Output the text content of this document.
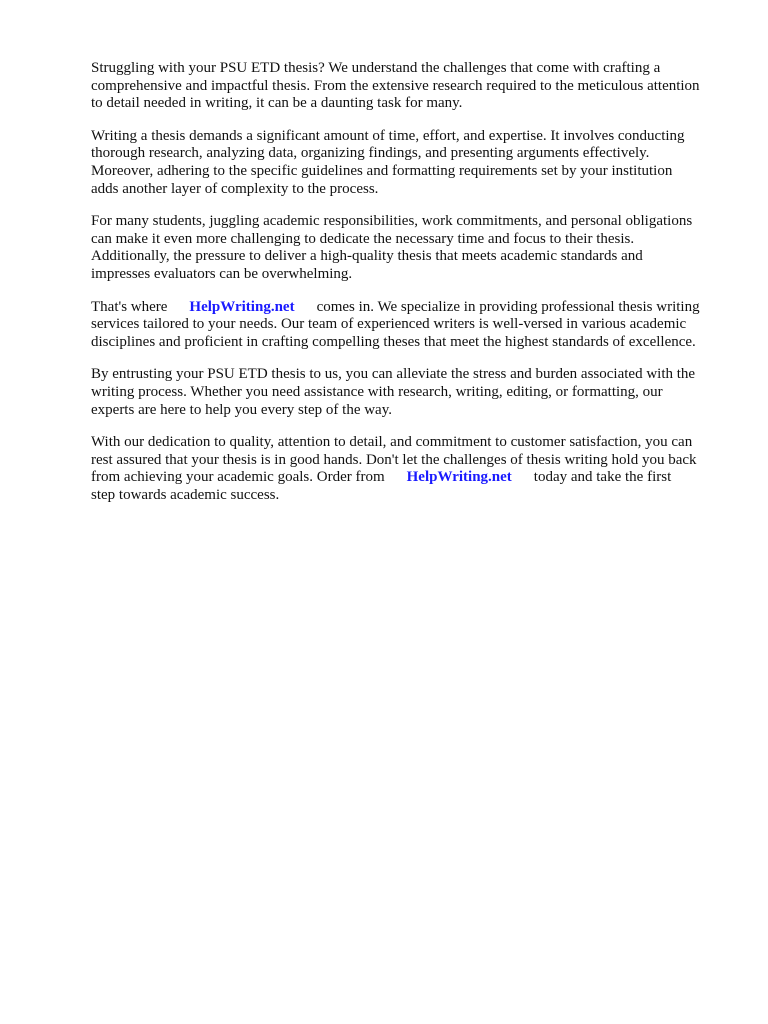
Struggling with your PSU ETD thesis? We understand the challenges that come with crafting a
comprehensive and impactful thesis. From the extensive research required to the meticulous attention
to detail needed in writing, it can be a daunting task for many.

Writing a thesis demands a significant amount of time, effort, and expertise. It involves conducting
thorough research, analyzing data, organizing findings, and presenting arguments effectively.
Moreover, adhering to the specific guidelines and formatting requirements set by your institution
adds another layer of complexity to the process.

For many students, juggling academic responsibilities, work commitments, and personal obligations
can make it even more challenging to dedicate the necessary time and focus to their thesis.
Additionally, the pressure to deliver a high-quality thesis that meets academic standards and
impresses evaluators can be overwhelming.

That's where HelpWriting.net comes in. We specialize in providing professional thesis writing
services tailored to your needs. Our team of experienced writers is well-versed in various academic
disciplines and proficient in crafting compelling theses that meet the highest standards of excellence.

By entrusting your PSU ETD thesis to us, you can alleviate the stress and burden associated with the
writing process. Whether you need assistance with research, writing, editing, or formatting, our
experts are here to help you every step of the way.

With our dedication to quality, attention to detail, and commitment to customer satisfaction, you can
rest assured that your thesis is in good hands. Don't let the challenges of thesis writing hold you back
from achieving your academic goals. Order from HelpWriting.net today and take the first
step towards academic success.
